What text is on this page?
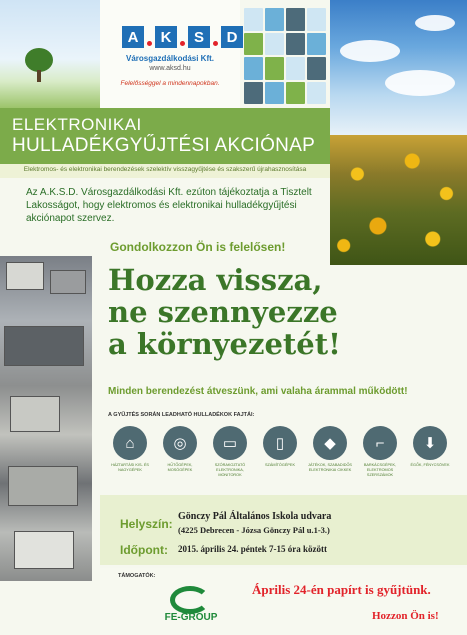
A	K	S	D
Városgazdálkodási Kft.
www.aksd.hu
Felelősséggel a mindennapokban.
ELEKTRONIKAI
HULLADÉKGYŰJTÉSI AKCIÓNAP
Elektromos- és elektronikai berendezések szelektív visszagyűjtése és szakszerű újrahasznosítása
Az A.K.S.D. Városgazdálkodási Kft. ezúton tájékoztatja a Tisztelt Lakosságot, hogy elektromos és elektronikai hulladékgyűjtési akciónapot szervez.
Gondolkozzon Ön is felelősen!
Hozza vissza,
ne szennyezze
a környezetét!
Minden berendezést átveszünk, ami valaha árammal működött!
A GYŰJTÉS SORÁN LEADHATÓ HULLADÉKOK FAJTÁI:
⌂
HÁZTARTÁSI KIS- ÉS NAGYGÉPEK
◎
HŰTŐGÉPEK, MOSÓGÉPEK
▭
SZÓRAKOZTATÓ ELEKTRONIKA, MONITOROK
▯
SZÁMÍTÓGÉPEK
◆
JÁTÉKOK, SZABADIDŐS ELEKTRONIKAI CIKKEK
⌐
BARKÁCSGÉPEK, ELEKTROMOS SZERSZÁMOK
⬇
ÉGŐK, FÉNYCSÖVEK
Helyszín:
Gönczy Pál Általános Iskola udvara
(4225 Debrecen - Józsa Gönczy Pál u.1-3.)
Időpont: 2015. április 24. péntek 7-15 óra között
TÁMOGATÓK:
FE-GROUP
Április 24-én papírt is gyűjtünk.
Hozzon Ön is!
